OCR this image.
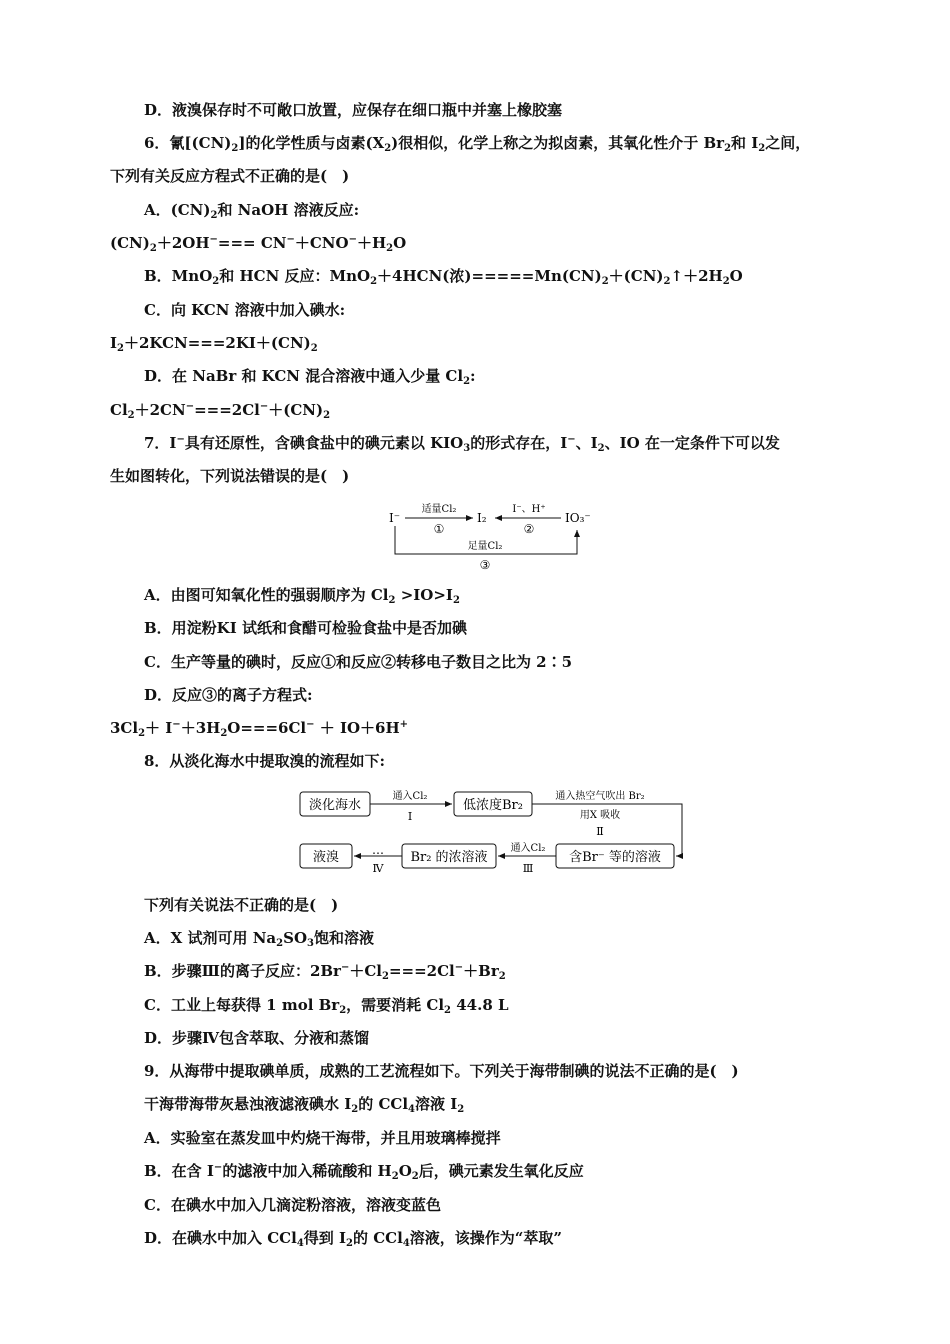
D．液溴保存时不可敞口放置，应保存在细口瓶中并塞上橡胶塞
6．氰$[(CN)_2]$的化学性质与卤素$(X_2)$很相似，化学上称之为拟卤素，其氧化性介于 $Br_2$和 $I_2$之间，
下列有关反应方程式不正确的是(　)
A．$(CN)_2$和 NaOH 溶液反应:
$(CN)_2+2OH^-=== CN^-+CNO^-+H_2O$
B．MnO$_2$和 HCN 反应：MnO$_2$＋4HCN(浓)$=====Mn(CN)_2+(CN)_2↑+2H_2O$
C．向 KCN 溶液中加入碘水:
$I_2+2KCN===2KI+(CN)_2$
D．在 NaBr 和 KCN 混合溶液中通入少量 $Cl_2$:
$Cl_2+2CN^-===2Cl^-+(CN)_2$
7．I−具有还原性，含碘食盐中的碘元素以 $KIO_3$的形式存在，I−、$I_2$、IO 在一定条件下可以发
生如图转化，下列说法错误的是(　)
I⁻
适量Cl₂
①
I₂
I⁻、H⁺
②
IO₃⁻
足量Cl₂
③
A．由图可知氧化性的强弱顺序为 $Cl_2 >IO>I_2$
B．用淀粉KI 试纸和食醋可检验食盐中是否加碘
C．生产等量的碘时，反应①和反应②转移电子数目之比为 2∶5
D．反应③的离子方程式:
$3Cl_2+ I^-+3H_2O===6Cl^- + IO+6H^+$
8．从淡化海水中提取溴的流程如下:
淡化海水
通入Cl₂
Ⅰ
低浓度Br₂
通入热空气吹出 Br₂
用X 吸收
Ⅱ
含Br⁻ 等的溶液
通入Cl₂
Ⅲ
Br₂ 的浓溶液
…
Ⅳ
液溴
下列有关说法不正确的是(　)
A．X 试剂可用 $Na_2SO_3$饱和溶液
B．步骤Ⅲ的离子反应：$2Br^-+Cl_2===2Cl^-+Br_2$
C．工业上每获得 1 mol $Br_2$，需要消耗 $Cl_2$ 44.8 L
D．步骤Ⅳ包含萃取、分液和蒸馏
9．从海带中提取碘单质，成熟的工艺流程如下。下列关于海带制碘的说法不正确的是(　)
干海带海带灰悬浊液滤液碘水 $I_2$的 CCl$_4$溶液 $I_2$
A．实验室在蒸发皿中灼烧干海带，并且用玻璃棒搅拌
B．在含 I−的滤液中加入稀硫酸和 $H_2O_2$后，碘元素发生氧化反应
C．在碘水中加入几滴淀粉溶液，溶液变蓝色
D．在碘水中加入 CCl$_4$得到 $I_2$的 CCl$_4$溶液，该操作为“萃取”
